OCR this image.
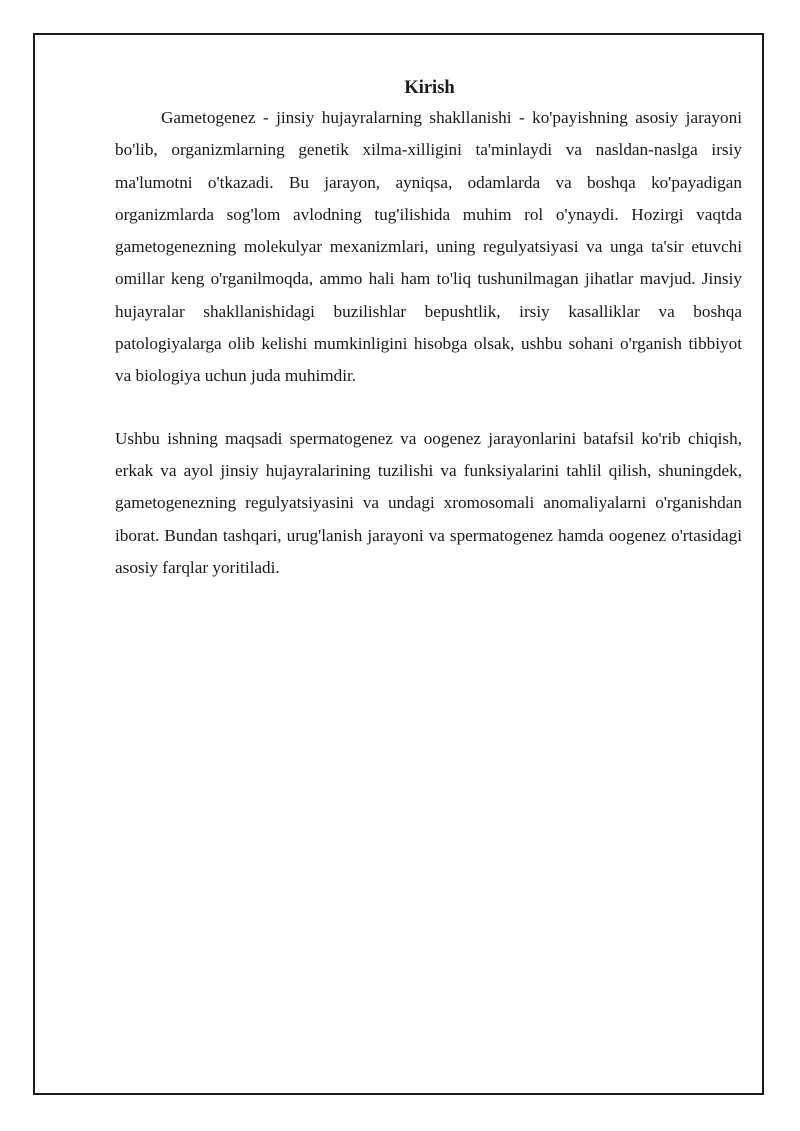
Kirish

Gametogenez - jinsiy hujayralarning shakllanishi - ko'payishning asosiy jarayoni bo'lib, organizmlarning genetik xilma-xilligini ta'minlaydi va nasldan-naslga irsiy ma'lumotni o'tkazadi. Bu jarayon, ayniqsa, odamlarda va boshqa ko'payadigan organizmlarda sog'lom avlodning tug'ilishida muhim rol o'ynaydi. Hozirgi vaqtda gametogenezning molekulyar mexanizmlari, uning regulyatsiyasi va unga ta'sir etuvchi omillar keng o'rganilmoqda, ammo hali ham to'liq tushunilmagan jihatlar mavjud. Jinsiy hujayralar shakllanishidagi buzilishlar bepushtlik, irsiy kasalliklar va boshqa patologiyalarga olib kelishi mumkinligini hisobga olsak, ushbu sohani o'rganish tibbiyot va biologiya uchun juda muhimdir.

Ushbu ishning maqsadi spermatogenez va oogenez jarayonlarini batafsil ko'rib chiqish, erkak va ayol jinsiy hujayralarining tuzilishi va funksiyalarini tahlil qilish, shuningdek, gametogenezning regulyatsiyasini va undagi xromosomali anomaliyalarni o'rganishdan iborat. Bundan tashqari, urug'lanish jarayoni va spermatogenez hamda oogenez o'rtasidagi asosiy farqlar yoritiladi.
